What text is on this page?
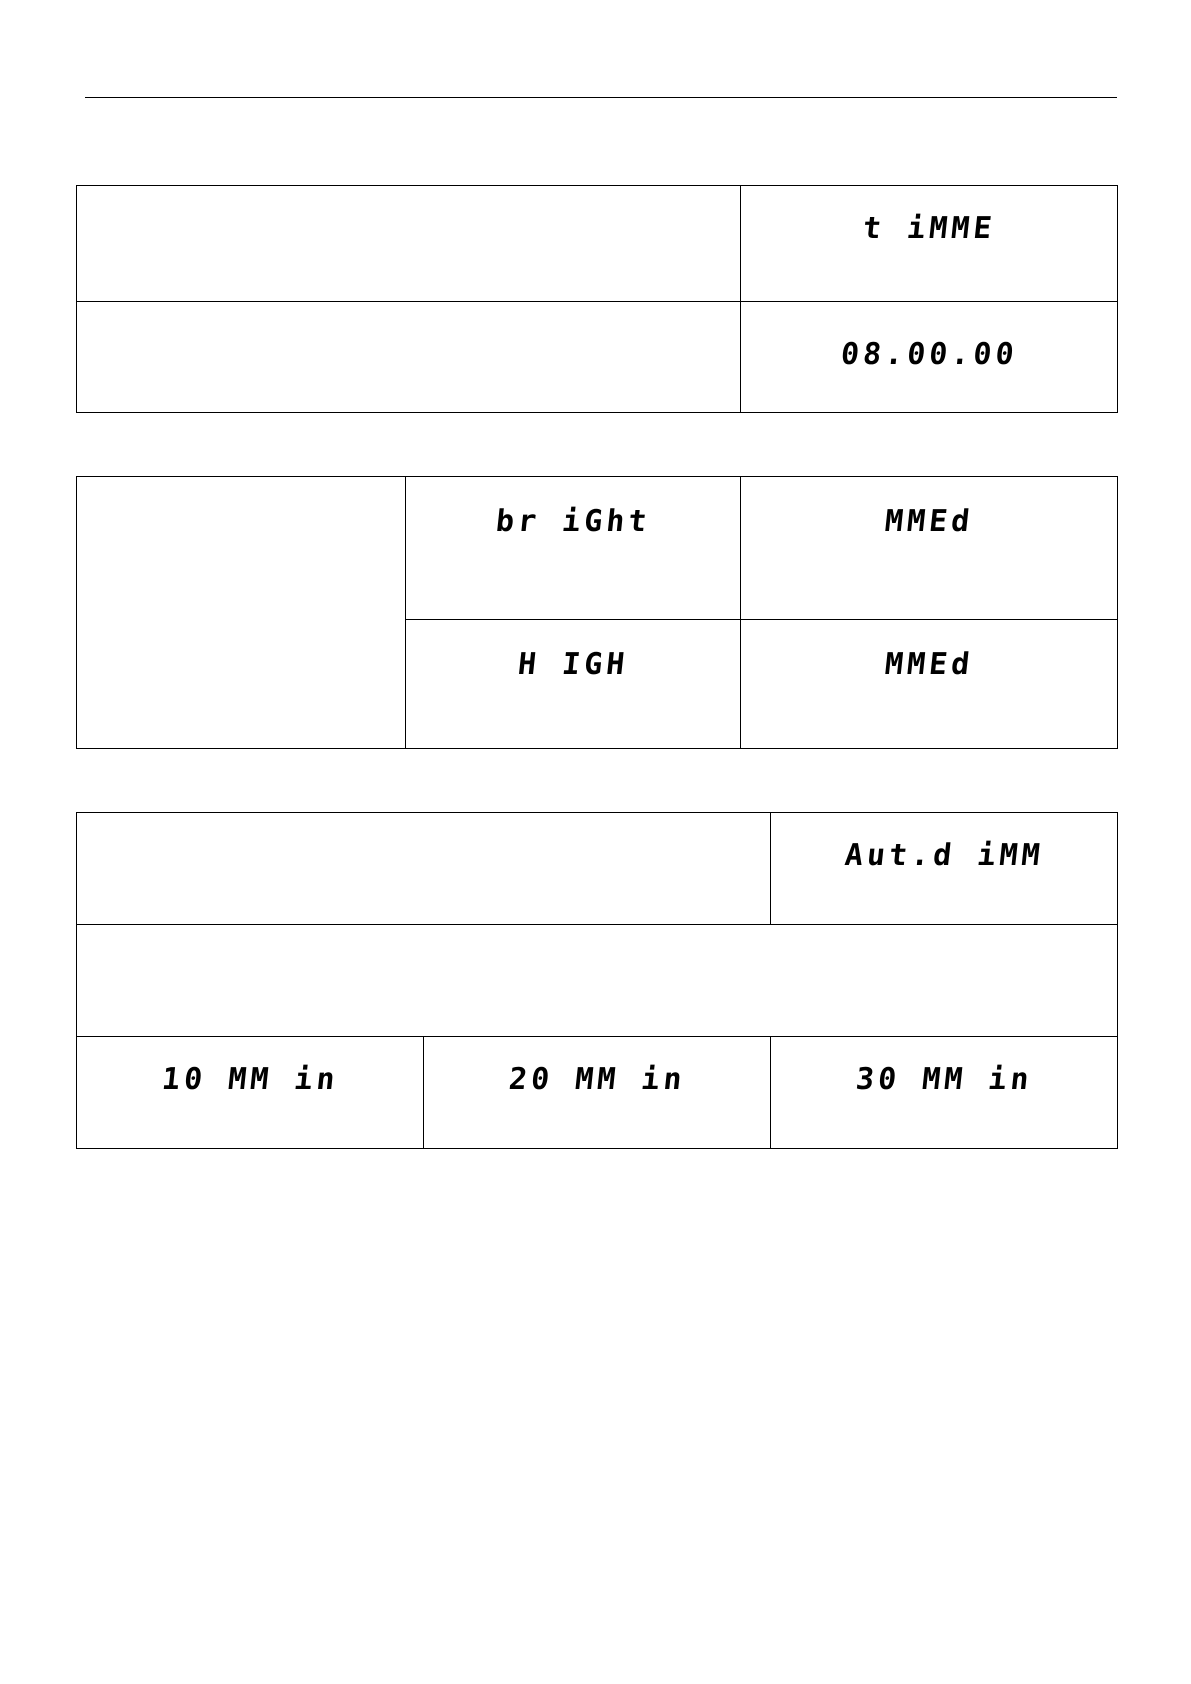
	t iMME
	08.00.00
	br iGht	MMEd
	H IGH	MMEd
		Aut.d iMM

10 MM in	20 MM in	30 MM in
